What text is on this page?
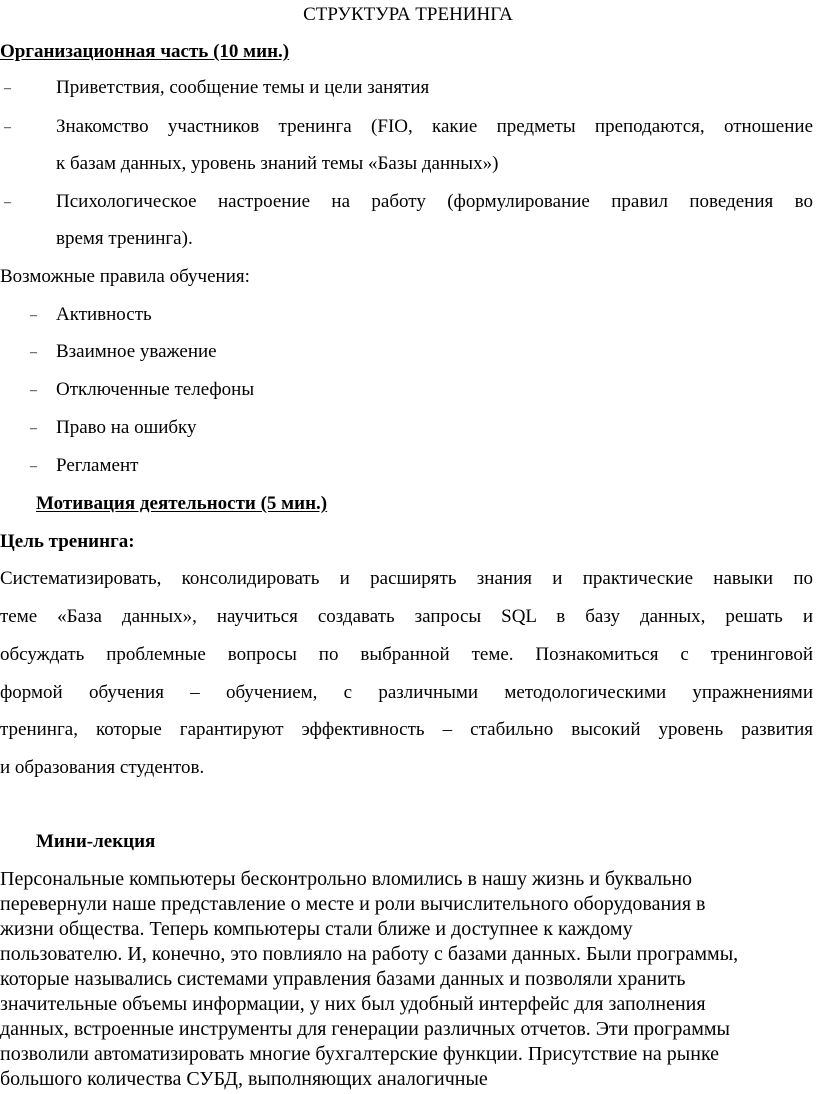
СТРУКТУРА ТРЕНИНГА
Организационная часть (10 мин.)
– Приветствия, сообщение темы и цели занятия
– Знакомство участников тренинга (FIO, какие предметы преподаются, отношение
к базам данных, уровень знаний темы «Базы данных»)
– Психологическое настроение на работу (формулирование правил поведения во
время тренинга).
Возможные правила обучения:
– Активность
– Взаимное уважение
– Отключенные телефоны
– Право на ошибку
– Регламент
Мотивация деятельности (5 мин.)
Цель тренинга:
Систематизировать, консолидировать и расширять знания и практические навыки по
теме «База данных», научиться создавать запросы SQL в базу данных, решать и
обсуждать проблемные вопросы по выбранной теме. Познакомиться с тренинговой
формой обучения – обучением, с различными методологическими упражнениями
тренинга, которые гарантируют эффективность – стабильно высокий уровень развития
и образования студентов.
Мини-лекция
Персональные компьютеры бесконтрольно вломились в нашу жизнь и буквально
перевернули наше представление о месте и роли вычислительного оборудования в
жизни общества. Теперь компьютеры стали ближе и доступнее к каждому
пользователю. И, конечно, это повлияло на работу с базами данных. Были программы,
которые назывались системами управления базами данных и позволяли хранить
значительные объемы информации, у них был удобный интерфейс для заполнения
данных, встроенные инструменты для генерации различных отчетов. Эти программы
позволили автоматизировать многие бухгалтерские функции. Присутствие на рынке
большого количества СУБД, выполняющих аналогичные
